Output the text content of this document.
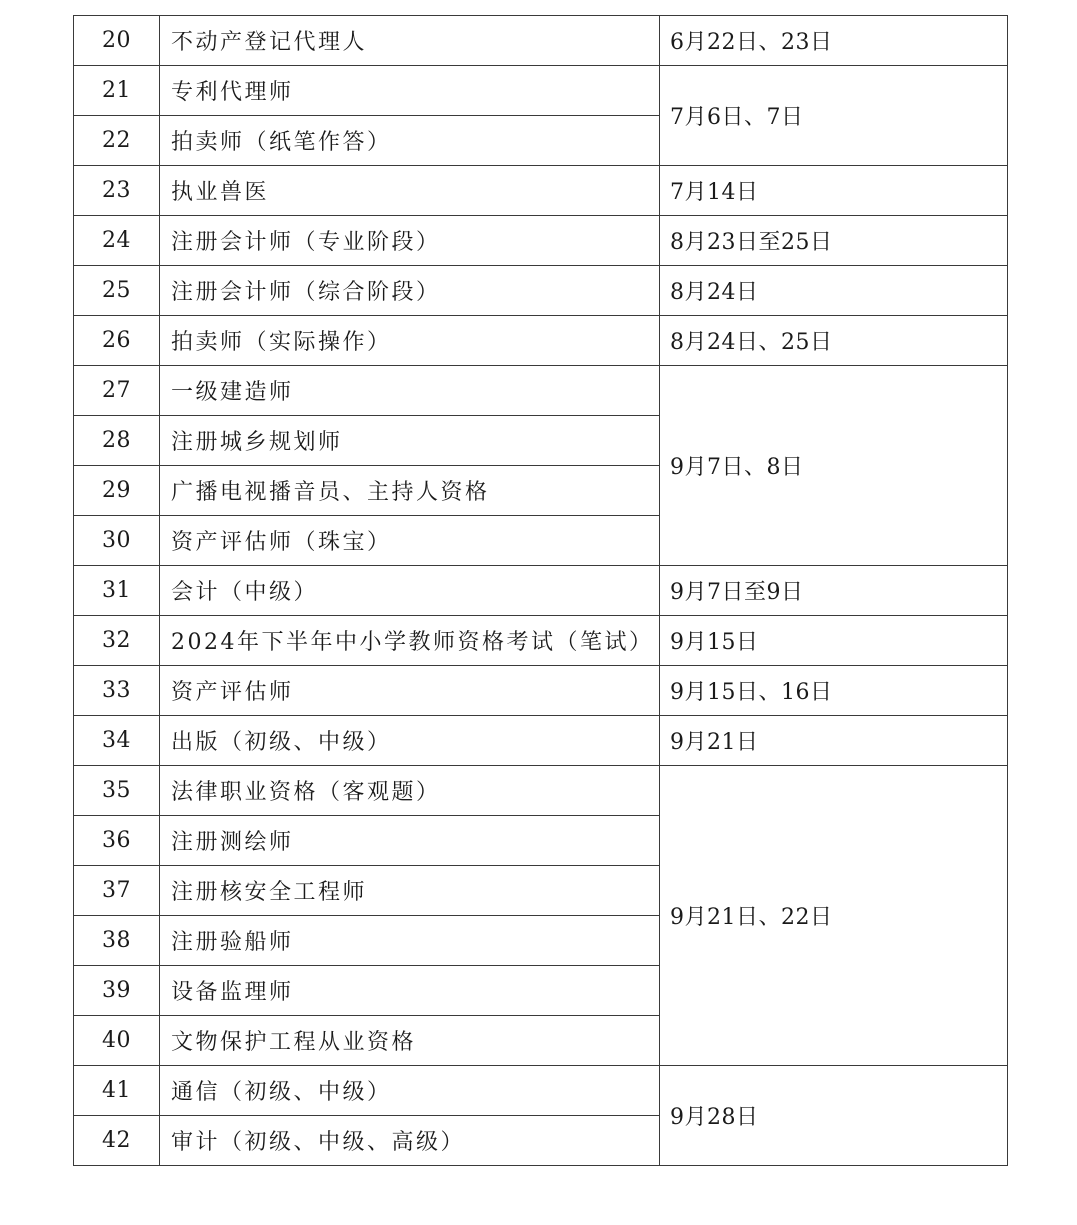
20	不动产登记代理人	6月22日、23日
21	专利代理师	7月6日、7日
22	拍卖师（纸笔作答）	
23	执业兽医	7月14日
24	注册会计师（专业阶段）	8月23日至25日
25	注册会计师（综合阶段）	8月24日
26	拍卖师（实际操作）	8月24日、25日
27	一级建造师	9月7日、8日
28	注册城乡规划师	
29	广播电视播音员、主持人资格	
30	资产评估师（珠宝）	
31	会计（中级）	9月7日至9日
32	2024年下半年中小学教师资格考试（笔试）	9月15日
33	资产评估师	9月15日、16日
34	出版（初级、中级）	9月21日
35	法律职业资格（客观题）	9月21日、22日
36	注册测绘师	
37	注册核安全工程师	
38	注册验船师	
39	设备监理师	
40	文物保护工程从业资格	
41	通信（初级、中级）	9月28日
42	审计（初级、中级、高级）	
